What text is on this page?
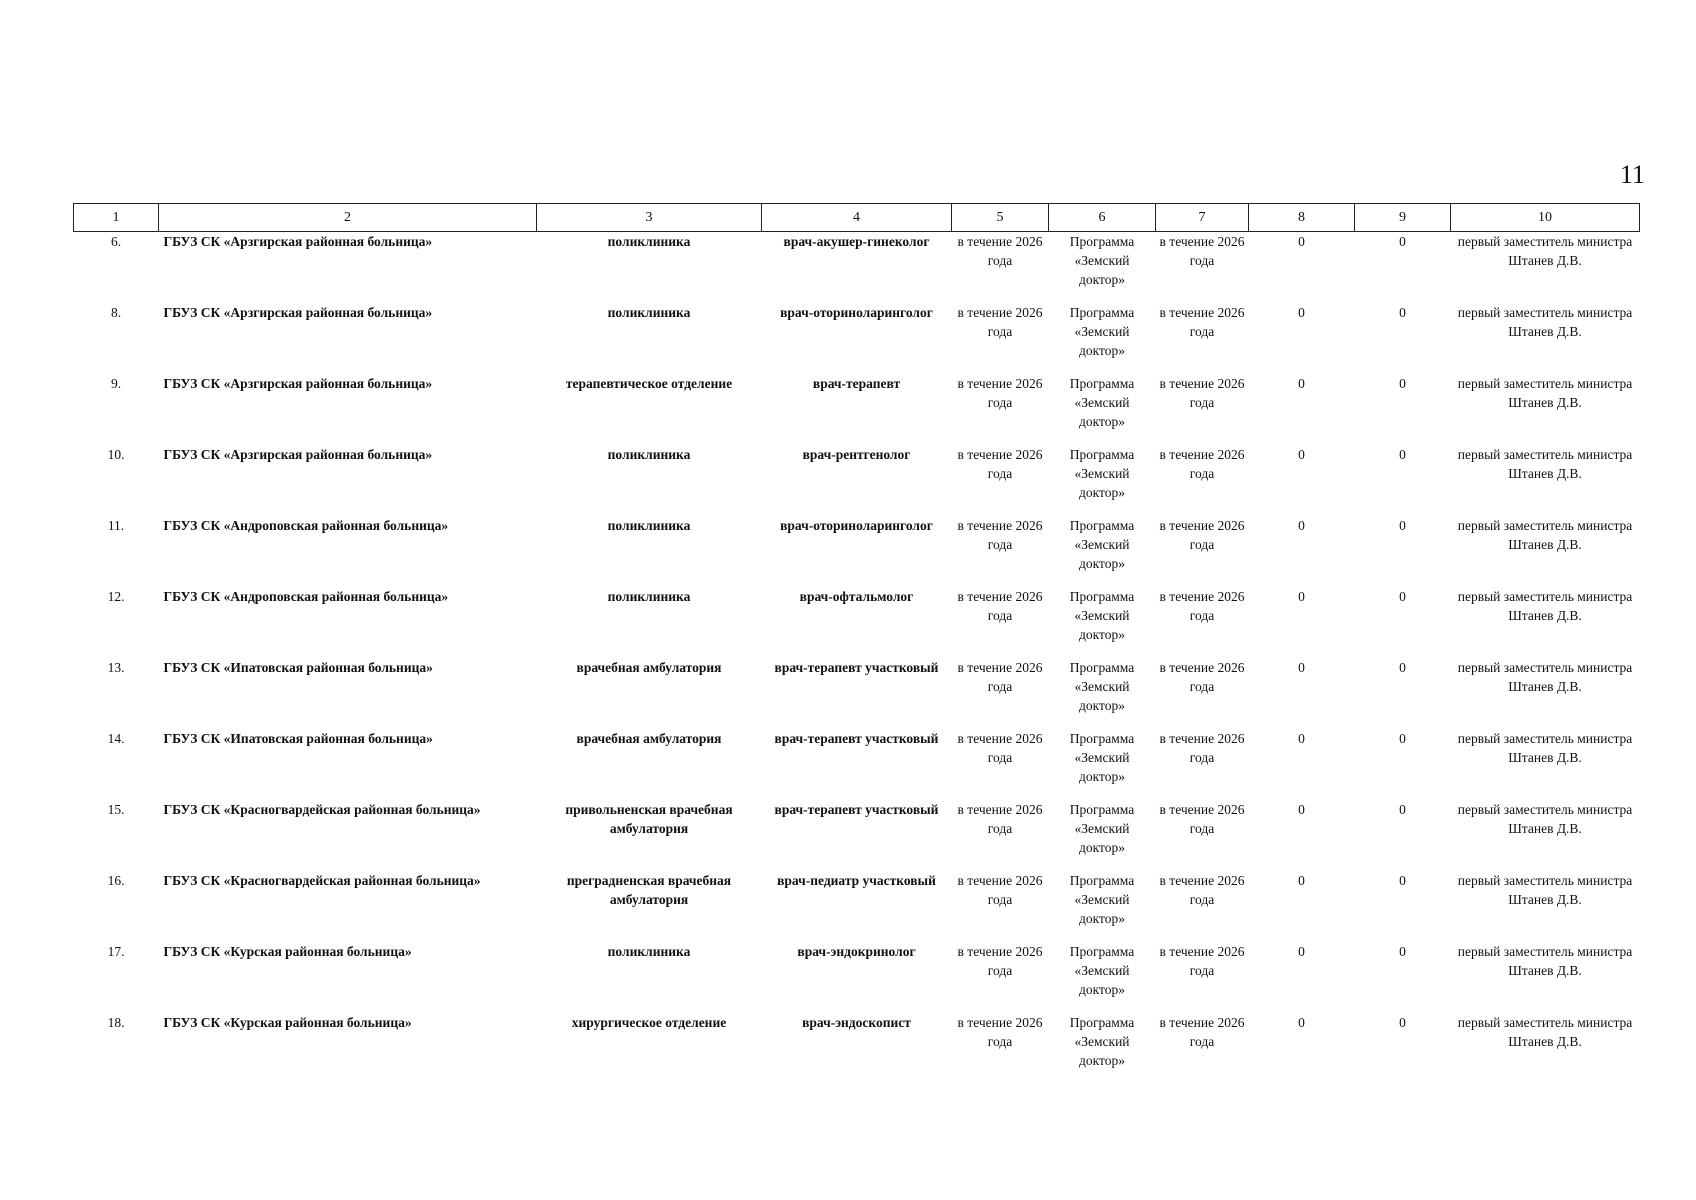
11
1	2	3	4	5	6	7	8	9	10
6.	ГБУЗ СК «Арзгирская районная больница»	поликлиника	врач-акушер-гинеколог	в течение 2026 года	Программа «Земский доктор»	в течение 2026 года	0	0	первый заместитель министра Штанев Д.В.
8.	ГБУЗ СК «Арзгирская районная больница»	поликлиника	врач-оториноларинголог	в течение 2026 года	Программа «Земский доктор»	в течение 2026 года	0	0	первый заместитель министра Штанев Д.В.
9.	ГБУЗ СК «Арзгирская районная больница»	терапевтическое отделение	врач-терапевт	в течение 2026 года	Программа «Земский доктор»	в течение 2026 года	0	0	первый заместитель министра Штанев Д.В.
10.	ГБУЗ СК «Арзгирская районная больница»	поликлиника	врач-рентгенолог	в течение 2026 года	Программа «Земский доктор»	в течение 2026 года	0	0	первый заместитель министра Штанев Д.В.
11.	ГБУЗ СК «Андроповская районная больница»	поликлиника	врач-оториноларинголог	в течение 2026 года	Программа «Земский доктор»	в течение 2026 года	0	0	первый заместитель министра Штанев Д.В.
12.	ГБУЗ СК «Андроповская районная больница»	поликлиника	врач-офтальмолог	в течение 2026 года	Программа «Земский доктор»	в течение 2026 года	0	0	первый заместитель министра Штанев Д.В.
13.	ГБУЗ СК «Ипатовская районная больница»	врачебная амбулатория	врач-терапевт участковый	в течение 2026 года	Программа «Земский доктор»	в течение 2026 года	0	0	первый заместитель министра Штанев Д.В.
14.	ГБУЗ СК «Ипатовская районная больница»	врачебная амбулатория	врач-терапевт участковый	в течение 2026 года	Программа «Земский доктор»	в течение 2026 года	0	0	первый заместитель министра Штанев Д.В.
15.	ГБУЗ СК «Красногвардейская районная больница»	привольненская врачебная амбулатория	врач-терапевт участковый	в течение 2026 года	Программа «Земский доктор»	в течение 2026 года	0	0	первый заместитель министра Штанев Д.В.
16.	ГБУЗ СК «Красногвардейская районная больница»	преградненская врачебная амбулатория	врач-педиатр участковый	в течение 2026 года	Программа «Земский доктор»	в течение 2026 года	0	0	первый заместитель министра Штанев Д.В.
17.	ГБУЗ СК «Курская районная больница»	поликлиника	врач-эндокринолог	в течение 2026 года	Программа «Земский доктор»	в течение 2026 года	0	0	первый заместитель министра Штанев Д.В.
18.	ГБУЗ СК «Курская районная больница»	хирургическое отделение	врач-эндоскопист	в течение 2026 года	Программа «Земский доктор»	в течение 2026 года	0	0	первый заместитель министра Штанев Д.В.
